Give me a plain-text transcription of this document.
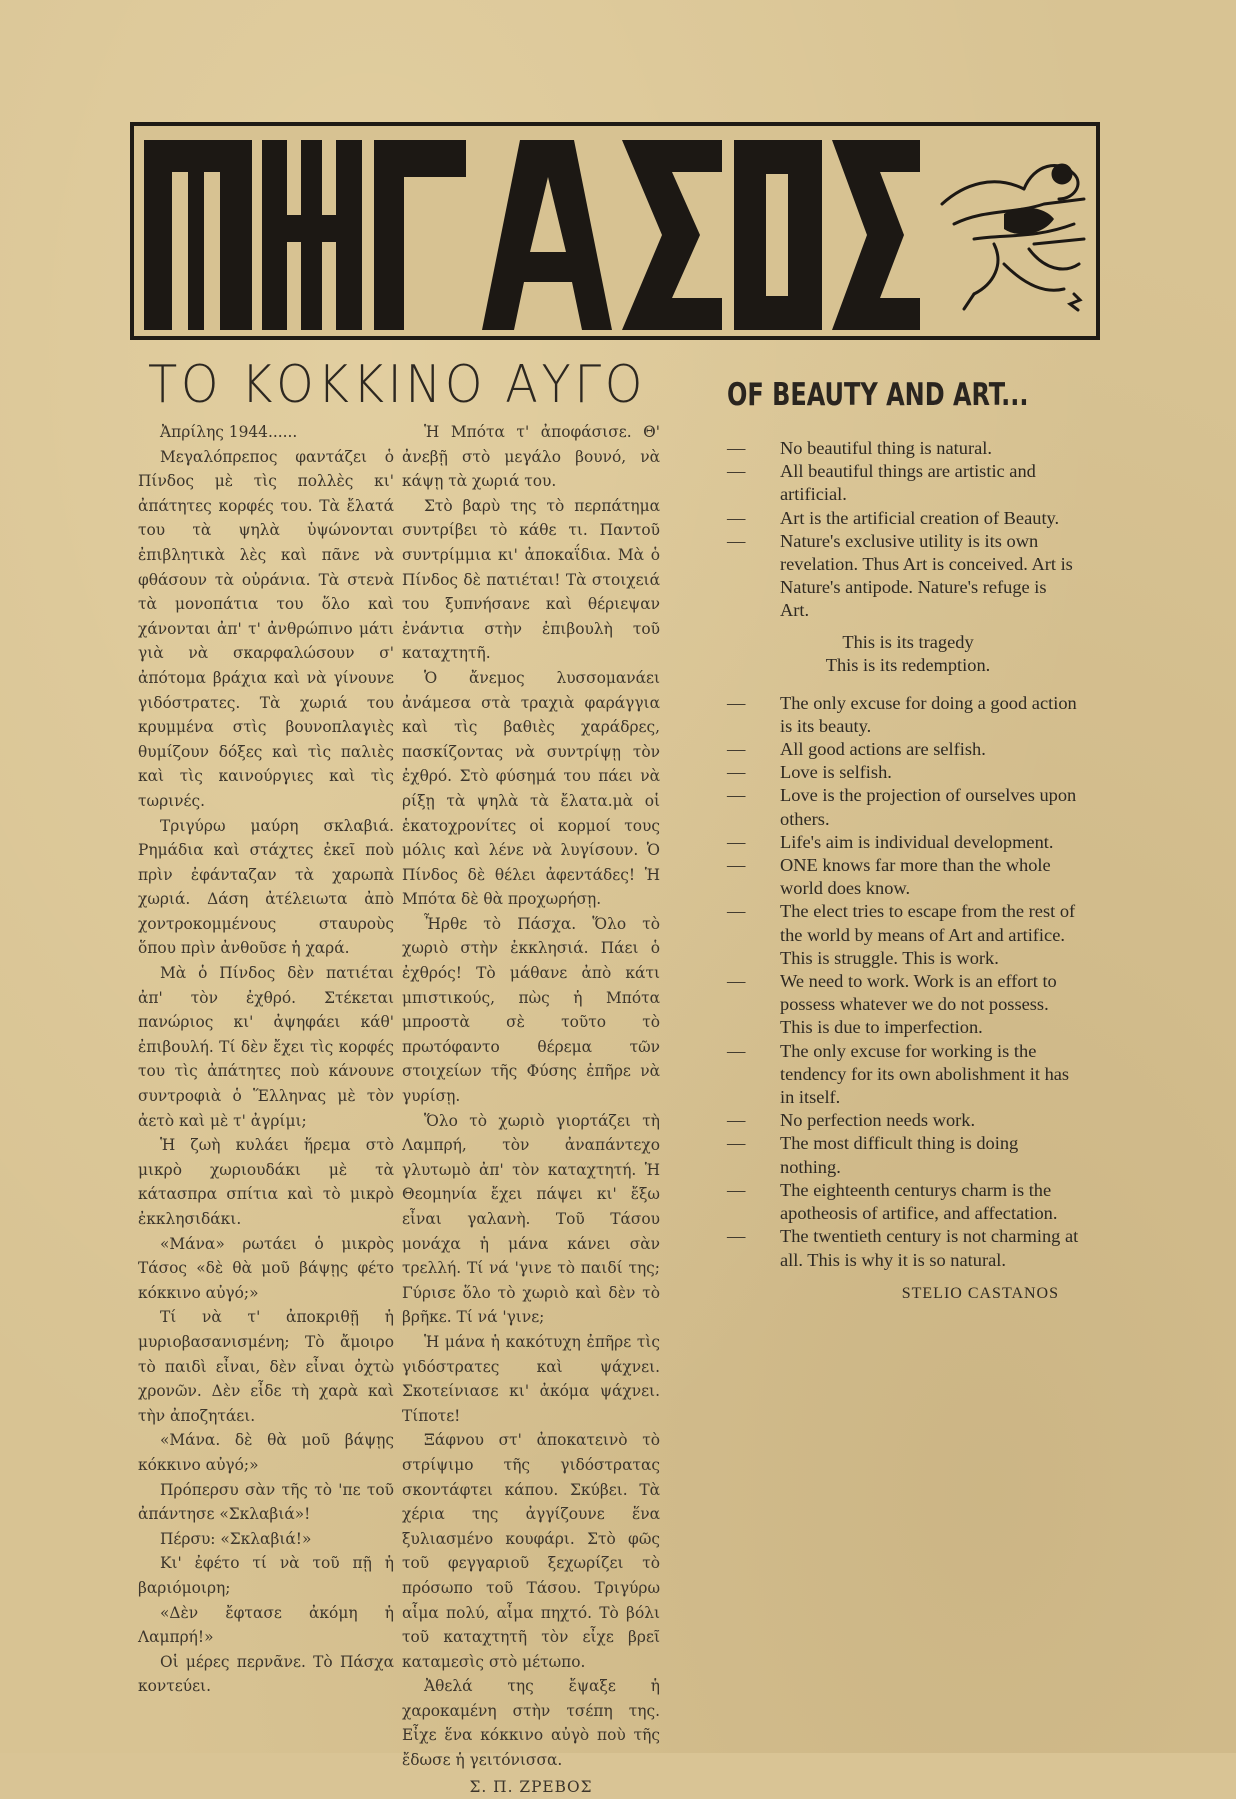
ΤΟ ΚΟΚΚΙΝΟ ΑΥΓΟ	OF BEAUTY AND ART...

Ἀπρίλης 1944......

Μεγαλόπρεπος φαντάζει ὁ Πίνδος μὲ τὶς πολλὲς κι' ἀπάτητες κορφές του. Τὰ ἔλατά του τὰ ψηλὰ ὑψώνονται ἐπιβλητικὰ λὲς καὶ πᾶνε νὰ φθάσουν τὰ οὐράνια. Τὰ στενὰ τὰ μονοπάτια του ὅλο καὶ χάνονται ἀπ' τ' ἀνθρώπινο μάτι γιὰ νὰ σκαρφαλώσουν σ' ἀπότομα βράχια καὶ νὰ γίνουνε γιδόστρατες. Τὰ χωριά του κρυμμένα στὶς βουνοπλαγιὲς θυμίζουν δόξες καὶ τὶς παλιὲς καὶ τὶς καινούργιες καὶ τὶς τωρινές.

Τριγύρω μαύρη σκλαβιά. Ρημάδια καὶ στάχτες ἐκεῖ ποὺ πρὶν ἐφάνταζαν τὰ χαρωπὰ χωριά. Δάση ἀτέλειωτα ἀπὸ χοντροκομμένους σταυροὺς ὅπου πρὶν ἀνθοῦσε ἡ χαρά.

Μὰ ὁ Πίνδος δὲν πατιέται ἀπ' τὸν ἐχθρό. Στέκεται πανώριος κι' ἀψηφάει κάθ' ἐπιβουλή. Τί δὲν ἔχει τὶς κορφές του τὶς ἀπάτητες ποὺ κάνουνε συντροφιὰ ὁ Ἕλληνας μὲ τὸν ἀετὸ καὶ μὲ τ' ἀγρίμι;

Ἡ ζωὴ κυλάει ἥρεμα στὸ μικρὸ χωριουδάκι μὲ τὰ κάτασπρα σπίτια καὶ τὸ μικρὸ ἐκκλησιδάκι.

«Μάνα» ρωτάει ὁ μικρὸς Τάσος «δὲ θὰ μοῦ βάψῃς φέτο κόκκινο αὐγό;»

Τί νὰ τ' ἀποκριθῇ ἡ μυριοβασανισμένη; Τὸ ἄμοιρο τὸ παιδὶ εἶναι, δὲν εἶναι ὀχτὼ χρονῶν. Δὲν εἶδε τὴ χαρὰ καὶ τὴν ἀποζητάει.

«Μάνα. δὲ θὰ μοῦ βάψῃς κόκκινο αὐγό;»

Πρόπερσυ σὰν τῆς τὸ 'πε τοῦ ἀπάντησε «Σκλαβιά»!

Πέρσυ: «Σκλαβιά!»

Κι' ἐφέτο τί νὰ τοῦ πῇ ἡ βαριόμοιρη;

«Δὲν ἔφτασε ἀκόμη ἡ Λαμπρή!»

Οἱ μέρες περνᾶνε. Τὸ Πάσχα κοντεύει.

Ἡ Μπότα τ' ἀποφάσισε. Θ' ἀνεβῇ στὸ μεγάλο βουνό, νὰ κάψῃ τὰ χωριά του.

Στὸ βαρὺ της τὸ περπάτημα συντρίβει τὸ κάθε τι. Παντοῦ συντρίμμια κι' ἀποκαΐδια. Μὰ ὁ Πίνδος δὲ πατιέται! Τὰ στοιχειά του ξυπνήσανε καὶ θέριεψαν ἐνάντια στὴν ἐπιβουλὴ τοῦ καταχτητῆ.

Ὁ ἄνεμος λυσσομανάει ἀνάμεσα στὰ τραχιὰ φαράγγια καὶ τὶς βαθιὲς χαράδρες, πασκίζοντας νὰ συντρίψῃ τὸν ἐχθρό. Στὸ φύσημά του πάει νὰ ρίξῃ τὰ ψηλὰ τὰ ἔλατα.μὰ οἱ ἑκατοχρονίτες οἱ κορμοί τους μόλις καὶ λένε νὰ λυγίσουν. Ὁ Πίνδος δὲ θέλει ἀφεντάδες! Ἡ Μπότα δὲ θὰ προχωρήσῃ.

Ἦρθε τὸ Πάσχα. Ὅλο τὸ χωριὸ στὴν ἐκκλησιά. Πάει ὁ ἐχθρός! Τὸ μάθανε ἀπὸ κάτι μπιστικούς, πὼς ἡ Μπότα μπροστὰ σὲ τοῦτο τὸ πρωτόφαντο θέρεμα τῶν στοιχείων τῆς Φύσης ἐπῆρε νὰ γυρίσῃ.

Ὅλο τὸ χωριὸ γιορτάζει τὴ Λαμπρή, τὸν ἀναπάντεχο γλυτωμὸ ἀπ' τὸν καταχτητή. Ἡ Θεομηνία ἔχει πάψει κι' ἔξω εἶναι γαλανὴ. Τοῦ Τάσου μονάχα ἡ μάνα κάνει σὰν τρελλή. Τί νά 'γινε τὸ παιδί της; Γύρισε ὅλο τὸ χωριὸ καὶ δὲν τὸ βρῆκε. Τί νά 'γινε;

Ἡ μάνα ἡ κακότυχη ἐπῆρε τὶς γιδόστρατες καὶ ψάχνει. Σκοτείνιασε κι' ἀκόμα ψάχνει. Τίποτε!

Ξάφνου στ' ἀποκατεινὸ τὸ στρίψιμο τῆς γιδόστρατας σκοντάφτει κάπου. Σκύβει. Τὰ χέρια της ἀγγίζουνε ἕνα ξυλιασμένο κουφάρι. Στὸ φῶς τοῦ φεγγαριοῦ ξεχωρίζει τὸ πρόσωπο τοῦ Τάσου. Τριγύρω αἷμα πολύ, αἷμα πηχτό. Τὸ βόλι τοῦ καταχτητῆ τὸν εἶχε βρεῖ καταμεσὶς στὸ μέτωπο.

Ἀθελά της ἔψαξε ἡ χαροκαμένη στὴν τσέπη της. Εἶχε ἕνα κόκκινο αὐγὸ ποὺ τῆς ἔδωσε ἡ γειτόνισσα.

Σ. Π. ΖΡΕΒΟΣ

—	No beautiful thing is natural.

—	All beautiful things are artistic and artificial.

—	Art is the artificial creation of Beauty.

—	Nature's exclusive utility is its own revelation. Thus Art is conceived. Art is Nature's antipode. Nature's refuge is Art.

This is its tragedy
This is its redemption.

—	The only excuse for doing a good action is its beauty.

—	All good actions are selfish.

—	Love is selfish.

—	Love is the projection of ourselves upon others.

—	Life's aim is individual development.

—	ONE knows far more than the whole world does know.

—	The elect tries to escape from the rest of the world by means of Art and artifice. This is struggle. This is work.

—	We need to work. Work is an effort to possess whatever we do not possess. This is due to imperfection.

—	The only excuse for working is the tendency for its own abolishment it has in itself.

—	No perfection needs work.

—	The most difficult thing is doing nothing.

—	The eighteenth centurys charm is the apotheosis of artifice, and affectation.

—	The twentieth century is not charming at all. This is why it is so natural.

STELIO CASTANOS
